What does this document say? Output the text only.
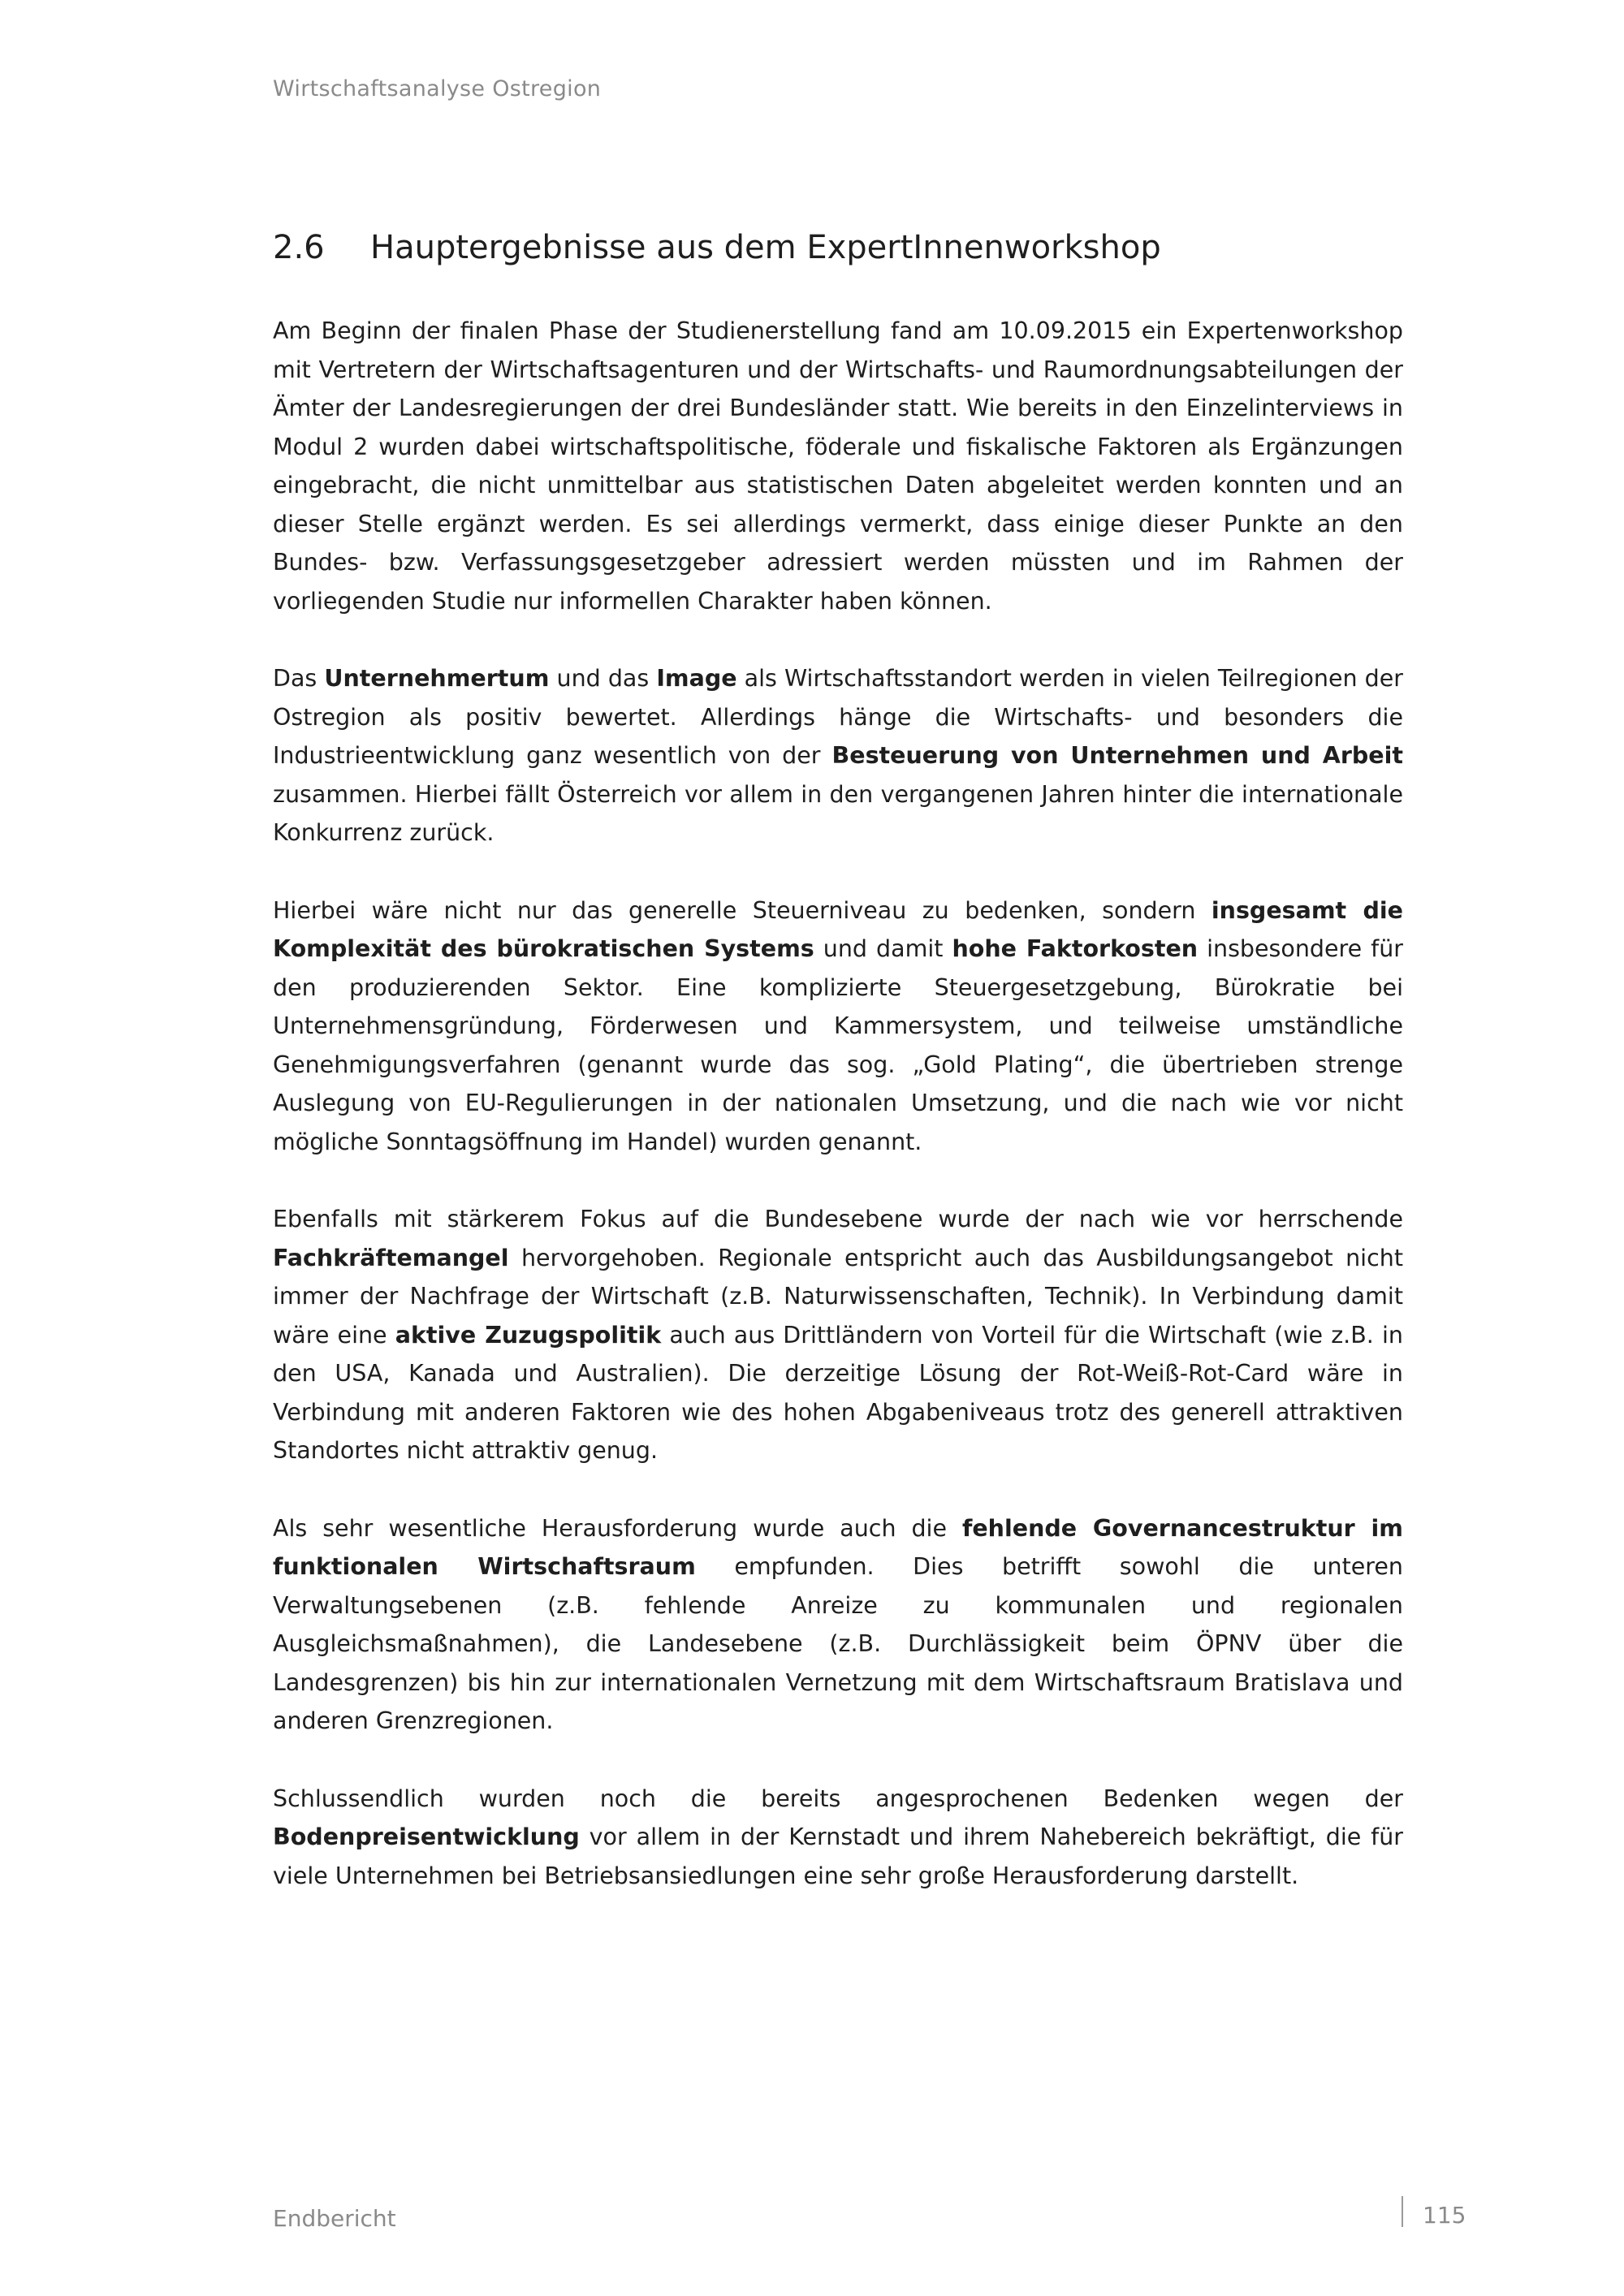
Wirtschaftsanalyse Ostregion
2.6	Hauptergebnisse aus dem ExpertInnenworkshop

Am Beginn der finalen Phase der Studienerstellung fand am 10.09.2015 ein Expertenworkshop mit Vertretern der Wirtschaftsagenturen und der Wirtschafts- und Raumordnungsabteilungen der Ämter der Landesregierungen der drei Bundesländer statt. Wie bereits in den Einzelinterviews in Modul 2 wurden dabei wirtschaftspolitische, föderale und fiskalische Faktoren als Ergänzungen eingebracht, die nicht unmittelbar aus statistischen Daten abgeleitet werden konnten und an dieser Stelle ergänzt werden. Es sei allerdings vermerkt, dass einige dieser Punkte an den Bundes- bzw. Verfassungsgesetzgeber adressiert werden müssten und im Rahmen der vorliegenden Studie nur informellen Charakter haben können.

Das Unternehmertum und das Image als Wirtschaftsstandort werden in vielen Teilregionen der Ostregion als positiv bewertet. Allerdings hänge die Wirtschafts- und besonders die Industrieentwicklung ganz wesentlich von der Besteuerung von Unternehmen und Arbeit zusammen. Hierbei fällt Österreich vor allem in den vergangenen Jahren hinter die internationale Konkurrenz zurück.

Hierbei wäre nicht nur das generelle Steuerniveau zu bedenken, sondern insgesamt die Komplexität des bürokratischen Systems und damit hohe Faktorkosten insbesondere für den produzierenden Sektor. Eine komplizierte Steuergesetzgebung, Bürokratie bei Unternehmensgründung, Förderwesen und Kammersystem, und teilweise umständliche Genehmigungsverfahren (genannt wurde das sog. „Gold Plating“, die übertrieben strenge Auslegung von EU-Regulierungen in der nationalen Umsetzung, und die nach wie vor nicht mögliche Sonntagsöffnung im Handel) wurden genannt.

Ebenfalls mit stärkerem Fokus auf die Bundesebene wurde der nach wie vor herrschende Fachkräftemangel hervorgehoben. Regionale entspricht auch das Ausbildungsangebot nicht immer der Nachfrage der Wirtschaft (z.B. Naturwissenschaften, Technik). In Verbindung damit wäre eine aktive Zuzugspolitik auch aus Drittländern von Vorteil für die Wirtschaft (wie z.B. in den USA, Kanada und Australien). Die derzeitige Lösung der Rot-Weiß-Rot-Card wäre in Verbindung mit anderen Faktoren wie des hohen Abgabeniveaus trotz des generell attraktiven Standortes nicht attraktiv genug.

Als sehr wesentliche Herausforderung wurde auch die fehlende Governancestruktur im funktionalen Wirtschaftsraum empfunden. Dies betrifft sowohl die unteren Verwaltungsebenen (z.B. fehlende Anreize zu kommunalen und regionalen Ausgleichsmaßnahmen), die Landesebene (z.B. Durchlässigkeit beim ÖPNV über die Landesgrenzen) bis hin zur internationalen Vernetzung mit dem Wirtschaftsraum Bratislava und anderen Grenzregionen.

Schlussendlich wurden noch die bereits angesprochenen Bedenken wegen der Bodenpreisentwicklung vor allem in der Kernstadt und ihrem Nahebereich bekräftigt, die für viele Unternehmen bei Betriebsansiedlungen eine sehr große Herausforderung darstellt.

Endbericht	115
